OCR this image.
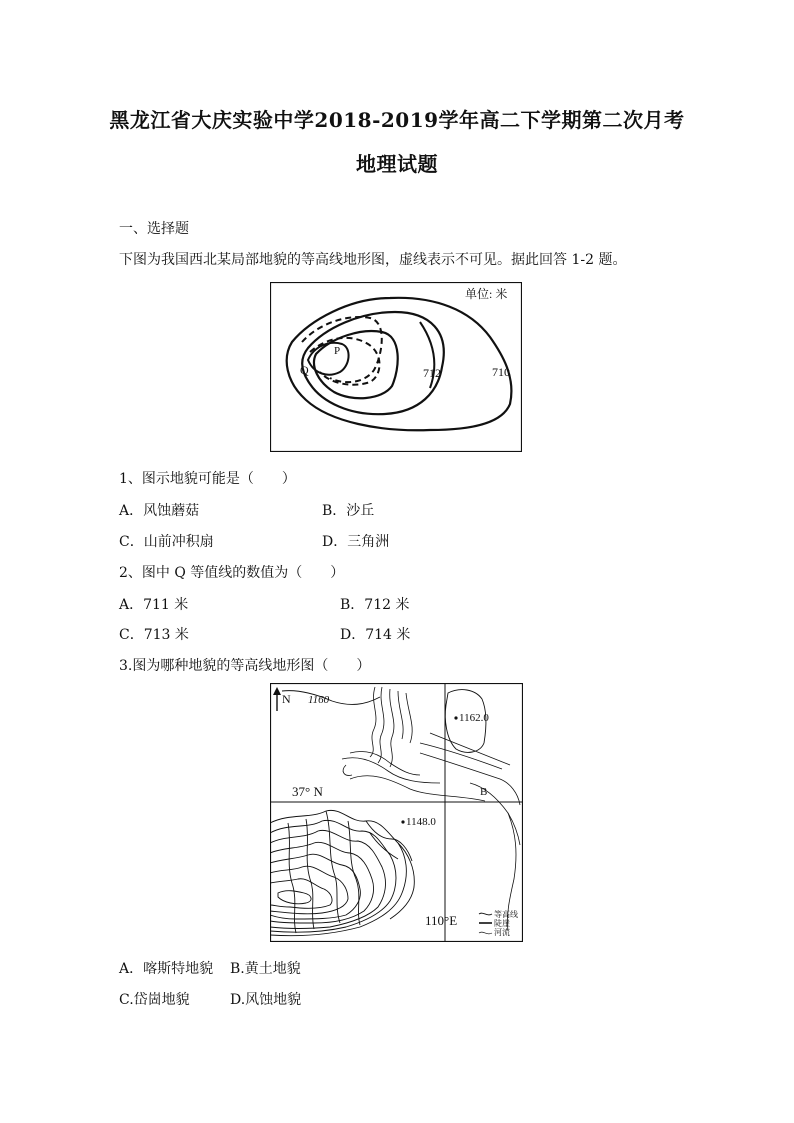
黑龙江省大庆实验中学2018-2019学年高二下学期第二次月考
地理试题
一、选择题
下图为我国西北某局部地貌的等高线地形图，虚线表示不可见。据此回答 1-2 题。
单位: 米
P
Q	712	710
1、图示地貌可能是（　　）
A．风蚀蘑菇	B．沙丘
C．山前冲积扇	D．三角洲
2、图中 Q 等值线的数值为（　　）
A．711 米	B．712 米
C．713 米	D．714 米
3.图为哪种地貌的等高线地形图（　　）
N 1160
1162.0
B
37° N
1148.0
110°E	等高线
陡崖
河流
A．喀斯特地貌 B.黄土地貌
C.岱崮地貌	D.风蚀地貌
